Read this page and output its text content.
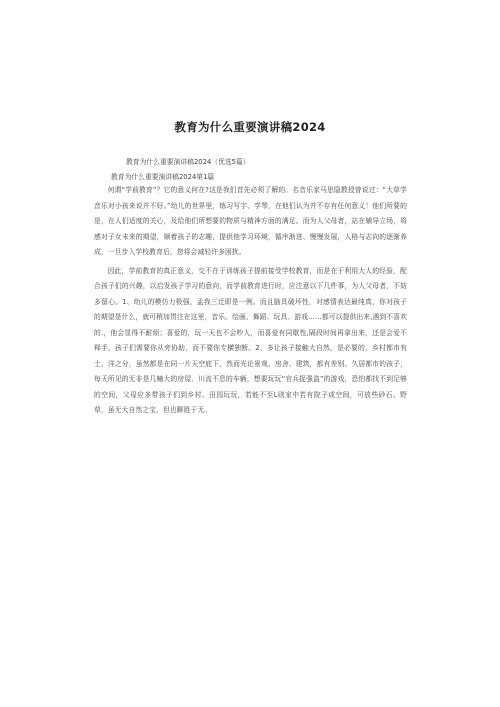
教育为什么重要演讲稿2024
教育为什么重要演讲稿2024（优选5篇）
教育为什么重要演讲稿2024第1篇

何谓“学前教育”？它的意义何在?这是我们首先必须了解的。名音乐家马思隐教授曾说过：“大草学音乐对小孩来说并不好。”幼儿的世界里，练习写字、学琴，在他们认为并不存有任何意义！他们所要的是，在人们适度的关心，及给他们所想要的物质与精神方面的满足。而为人父母者，站在辅导立场，将感对子女未来的期望，顺着孩子的志趣，提供他学习环境，循序渐进、慢慢发展，人格与志向的逐渐养成，一旦步入学校教育后，您将会减轻许多困扰。

因此，学前教育的真正意义，交不在于训练孩子提前接受学校教育，而是在于利用大人的经验，配合孩子们的兴趣，以启发孩子学习的意向，而学前教育进行时，应注意以下几件事，为人父母者，不妨多留心。1、幼儿的模仿力极强，孟我三迁即是一例。而且脑具破坏性，对感情表达最纯真，你对孩子的期望是什么，就可稍加贯注在这里，音乐、绘画、舞蹈、玩具、游戏……都可以提供出来,遇到不喜欢的.，他会显得不耐烦；喜爱的，玩一天也不会吵人，而喜爱有同歇性,隔段时间再拿出来，还是会爱不释手，孩子们需要你从旁协助，而不要你专横独断。2、多让孩子接触大自然，是必要的，乡村都市有土、洋之分，虽然都是在同一片天空底下，然而光论景观、房舍、建筑，都有差别。久居都市的孩子，每天所见的无非是几幢大的房屋、川流不息的车辆，想要玩玩“官兵捉强盗”的游戏，恐怕都找不到足够的空间，父母应多带孩子们到乡村、田园玩玩，若能不至L则家中若有院子或空间，可放些砂石、野草，虽无大自然之宝，但也聊胜于无。
